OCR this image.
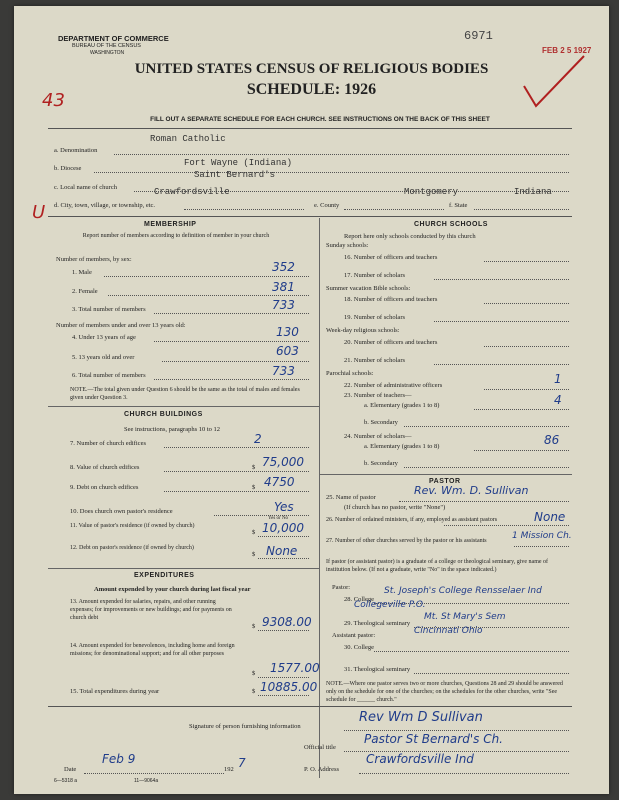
DEPARTMENT OF COMMERCE
BUREAU OF THE CENSUS
WASHINGTON
6971
FEB 2 5 1927
UNITED STATES CENSUS OF RELIGIOUS BODIES
SCHEDULE: 1926
43
FILL OUT A SEPARATE SCHEDULE FOR EACH CHURCH. SEE INSTRUCTIONS ON THE BACK OF THIS SHEET
a. Denomination
Roman Catholic
b. Diocese
Fort Wayne (Indiana)
c. Local name of church
Saint Bernard's
d. City, town, village, or township, etc.
Crawfordsville
e. County
Montgomery
f. State
Indiana
U
MEMBERSHIP
Report number of members according to definition of member in your church
Number of members, by sex:
1. Male	352
2. Female	381
3. Total number of members	733
Number of members under and over 13 years old:
4. Under 13 years of age	130
5. 13 years old and over	603
6. Total number of members	733
NOTE.—The total given under Question 6 should be the same as the total of males and females given under Question 3.
CHURCH BUILDINGS
See instructions, paragraphs 10 to 12
7. Number of church edifices	2
8. Value of church edifices	$ 75,000
9. Debt on church edifices	$ 4750
10. Does church own pastor's residence	Yes
Yes or No
11. Value of pastor's residence (if owned by church)
$ 10,000
12. Debt on pastor's residence (if owned by church)
$ None
EXPENDITURES
Amount expended by your church during last fiscal year
13. Amount expended for salaries, repairs, and other running expenses; for improvements or new buildings; and for payments on church debt
$ 9308.00
14. Amount expended for benevolences, including home and foreign missions; for denominational support; and for all other purposes
$ 1577.00
15. Total expenditures during year	$ 10885.00
CHURCH SCHOOLS
Report here only schools conducted by this church
Sunday schools:
16. Number of officers and teachers
17. Number of scholars
Summer vacation Bible schools:
18. Number of officers and teachers
19. Number of scholars
Week-day religious schools:
20. Number of officers and teachers
21. Number of scholars
Parochial schools:
22. Number of administrative officers	1
23. Number of teachers—
a. Elementary (grades 1 to 8)	4
b. Secondary
24. Number of scholars—
a. Elementary (grades 1 to 8)	86
b. Secondary
PASTOR
25. Name of pastor
Rev. Wm. D. Sullivan
(If church has no pastor, write "None")
26. Number of ordained ministers, if any, employed as assistant pastors	None
27. Number of other churches served by the pastor or his assistants	1 Mission Ch.
If pastor (or assistant pastor) is a graduate of a college or theological seminary, give name of institution below. (If not a graduate, write "No" in the space indicated.)
Pastor:
28. College
St. Joseph's College Rensselaer Ind
Collegeville P.O.
29. Theological seminary
Mt. St Mary's Sem
Cincinnati Ohio
Assistant pastor:
30. College
31. Theological seminary
NOTE.—Where one pastor serves two or more churches, Questions 28 and 29 should be answered only on the schedule for one of the churches; on the schedules for the other churches, write "See schedule for ______ church."
Signature of person furnishing information
Rev Wm D Sullivan
Official title
Pastor St Bernard's Ch.
Date
Feb 9
192 7	P. O. Address
Crawfordsville Ind
6—5318 a	11—9064a
